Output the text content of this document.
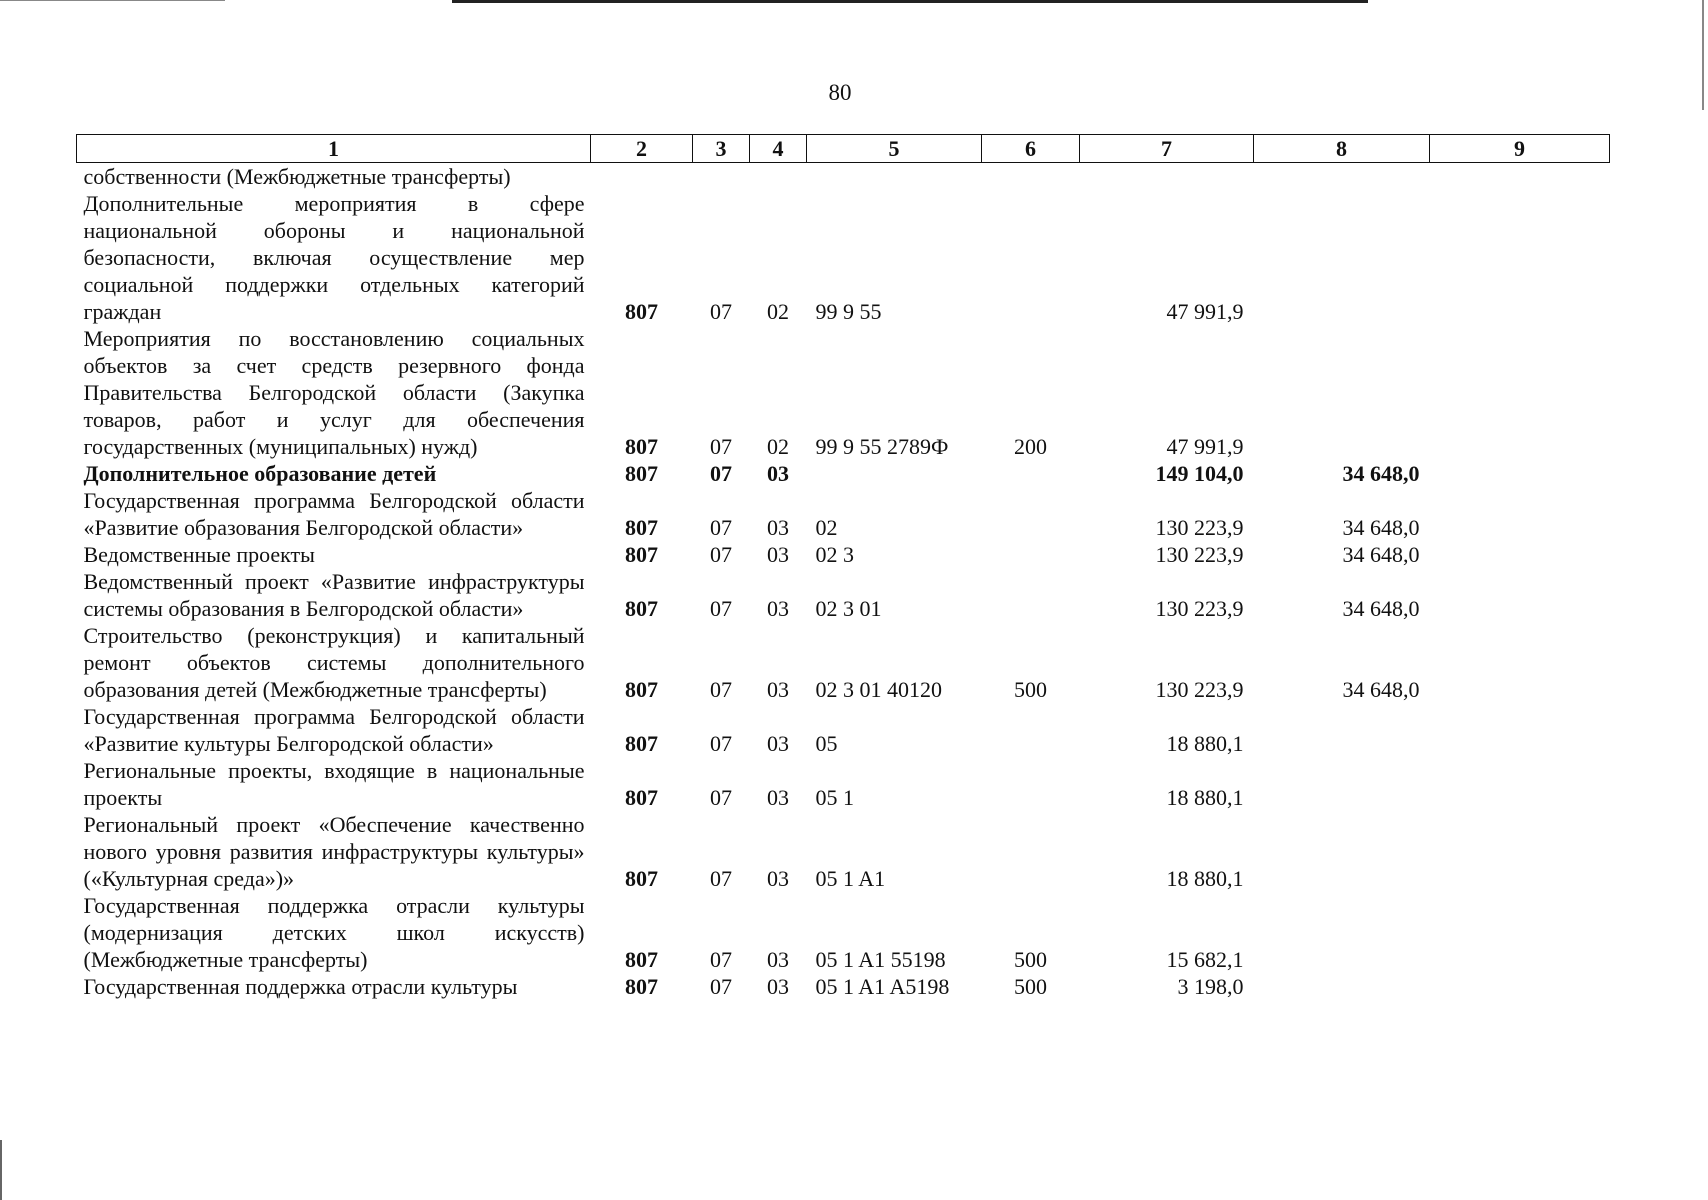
80
1	2	3	4	5	6	7	8	9
собственности (Межбюджетные трансферты)								
Дополнительные мероприятия в сфере национальной обороны и национальной безопасности, включая осуществление мер социальной поддержки отдельных категорий граждан	807	07	02	99 9 55		47 991,9		
Мероприятия по восстановлению социальных объектов за счет средств резервного фонда Правительства Белгородской области (Закупка товаров, работ и услуг для обеспечения государственных (муниципальных) нужд)	807	07	02	99 9 55 2789Ф	200	47 991,9		
Дополнительное образование детей	807	07	03			149 104,0	34 648,0	
Государственная программа Белгородской области «Развитие образования Белгородской области»	807	07	03	02		130 223,9	34 648,0	
Ведомственные проекты	807	07	03	02 3		130 223,9	34 648,0	
Ведомственный проект «Развитие инфраструктуры системы образования в Белгородской области»	807	07	03	02 3 01		130 223,9	34 648,0	
Строительство (реконструкция) и капитальный ремонт объектов системы дополнительного образования детей (Межбюджетные трансферты)	807	07	03	02 3 01 40120	500	130 223,9	34 648,0	
Государственная программа Белгородской области «Развитие культуры Белгородской области»	807	07	03	05		18 880,1		
Региональные проекты, входящие в национальные проекты	807	07	03	05 1		18 880,1		
Региональный проект «Обеспечение качественно нового уровня развития инфраструктуры культуры» («Культурная среда»)»	807	07	03	05 1 A1		18 880,1		
Государственная поддержка отрасли культуры (модернизация детских школ искусств) (Межбюджетные трансферты)	807	07	03	05 1 A1 55198	500	15 682,1		
Государственная поддержка отрасли культуры	807	07	03	05 1 A1 A5198	500	3 198,0		
